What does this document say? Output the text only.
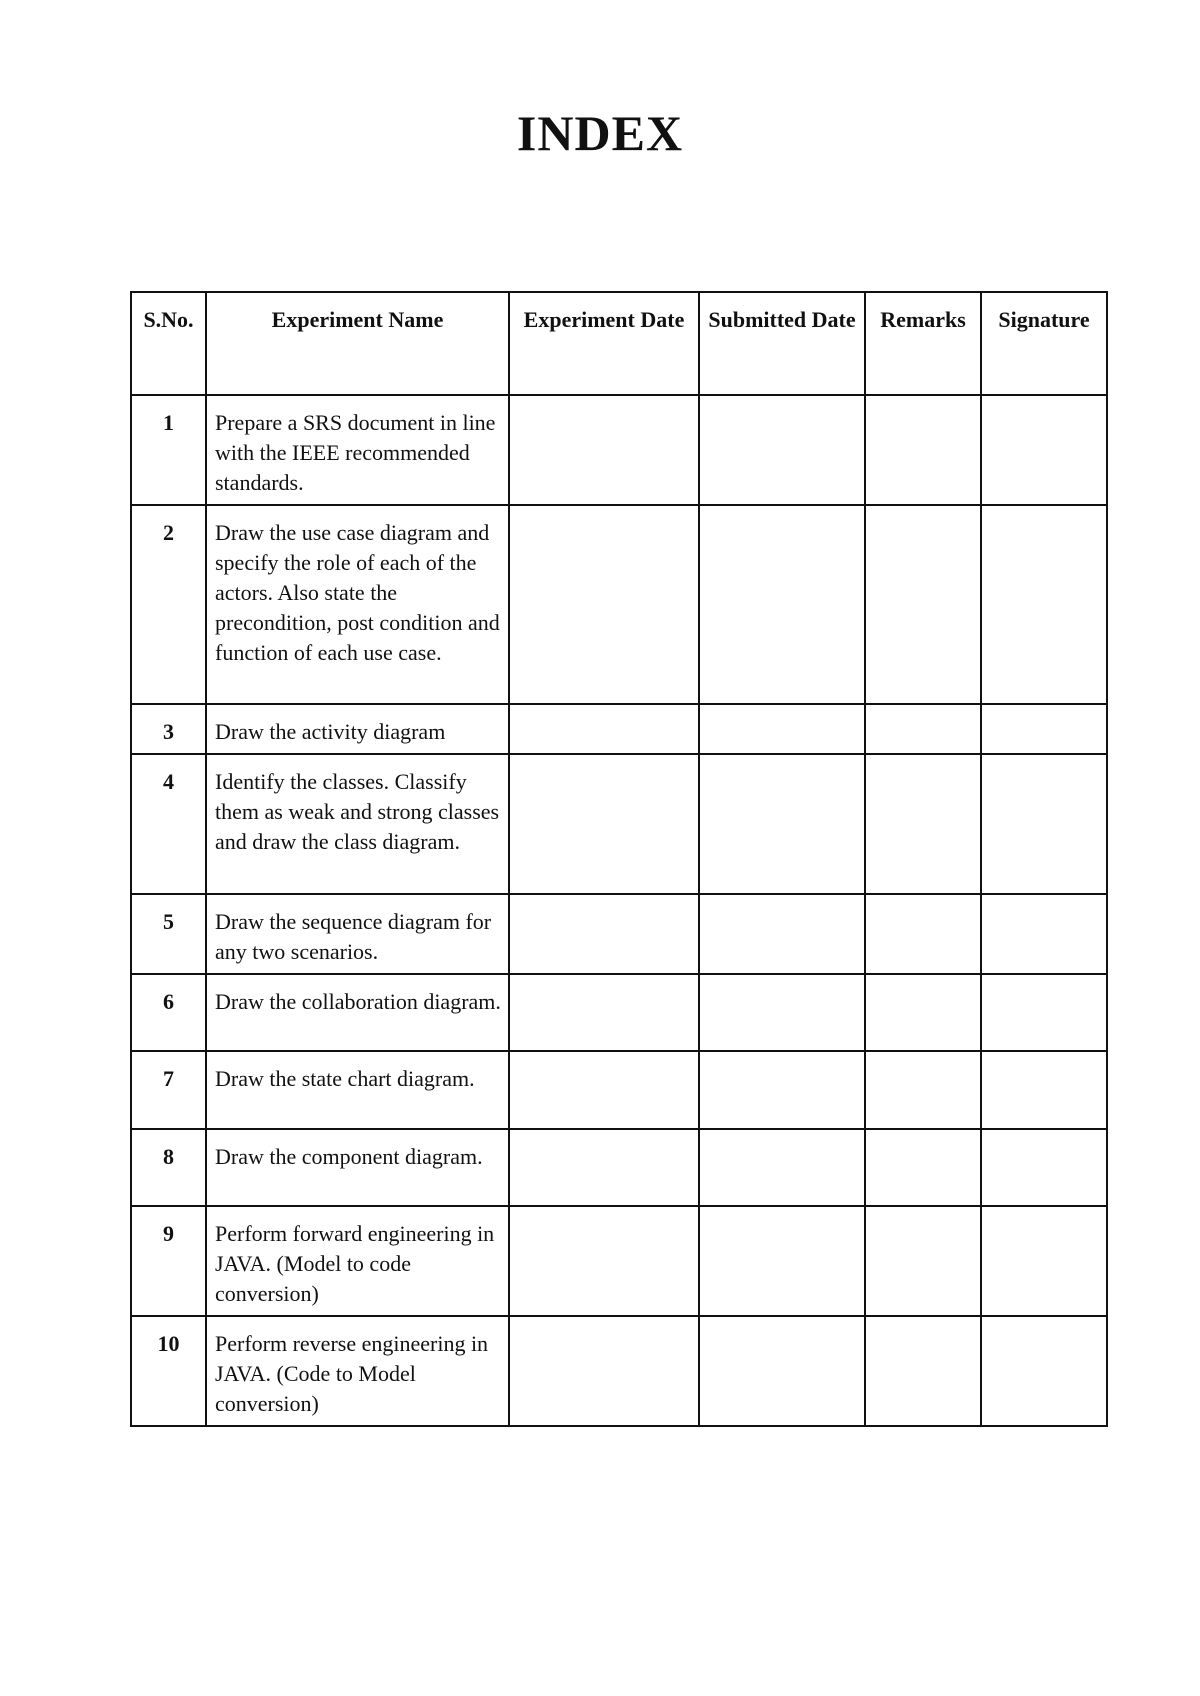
INDEX
S.No.	Experiment Name	Experiment Date	Submitted Date	Remarks	Signature
1	Prepare a SRS document in line with the IEEE recommended standards.				
2	Draw the use case diagram and specify the role of each of the actors. Also state the precondition, post condition and function of each use case.				
3	Draw the activity diagram				
4	Identify the classes. Classify them as weak and strong classes and draw the class diagram.				
5	Draw the sequence diagram for any two scenarios.				
6	Draw the collaboration diagram.				
7	Draw the state chart diagram.				
8	Draw the component diagram.				
9	Perform forward engineering in JAVA. (Model to code conversion)				
10	Perform reverse engineering in JAVA. (Code to Model conversion)				
